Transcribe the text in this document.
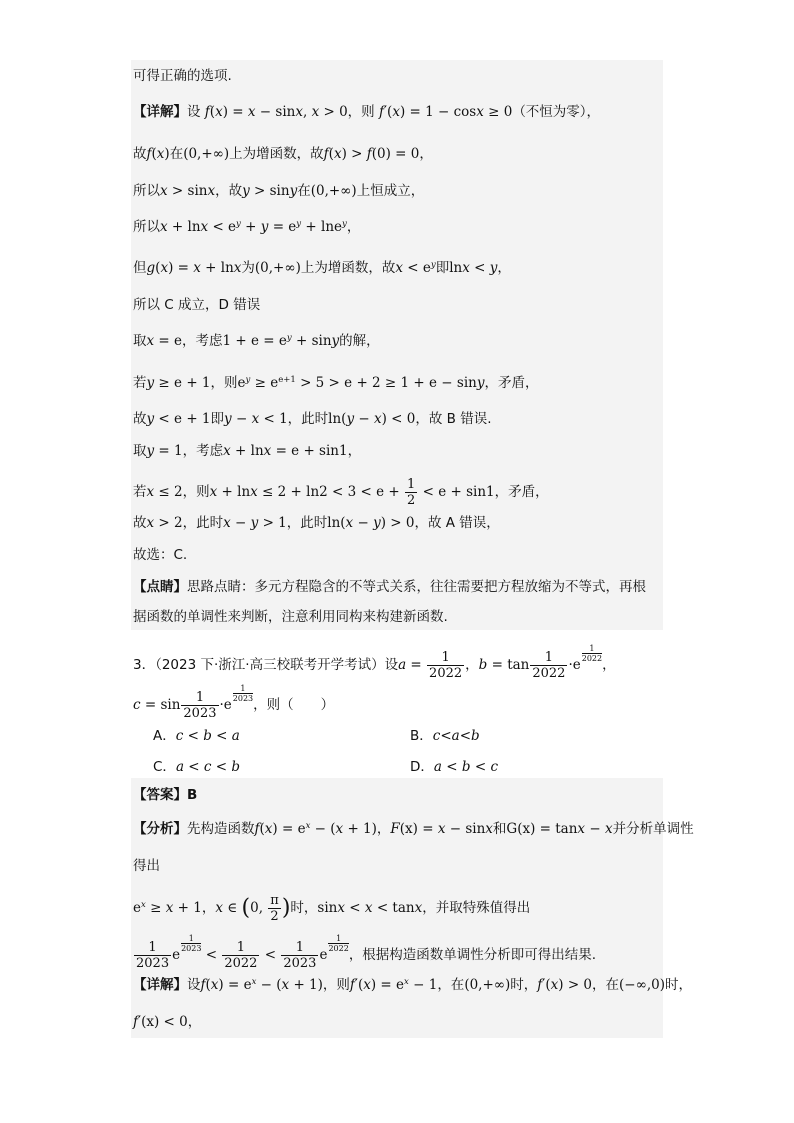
可得正确的选项.
【详解】设 f(x) = x − sinx, x > 0，则 f′(x) = 1 − cosx ≥ 0（不恒为零），
故f(x)在(0,+∞)上为增函数，故f(x) > f(0) = 0，
所以x > sinx，故y > siny在(0,+∞)上恒成立，
所以$x + \ln x < e^y + y = e^y + \ln e^y$，
但g(x) = x + lnx为(0,+∞)上为增函数，故$x < e^y$即lnx < y，
所以 C 成立，D 错误
取x = e，考虑$1 + e = e^y + \sin y$的解，
若y ≥ e + 1，则$e^y \ge e^{e+1} > 5 > e + 2 \ge 1 + e - \sin y$，矛盾，
故y < e + 1即y − x < 1，此时ln(y − x) < 0，故 B 错误.
取y = 1，考虑x + lnx = e + sin1，
若x ≤ 2，则$x + \ln x \le 2 + \ln 2 < 3 < e + \frac{1}{2} < e + \sin 1$，矛盾，
故x > 2，此时x − y > 1，此时ln(x − y) > 0，故 A 错误，
故选：C.
【点睛】思路点睛：多元方程隐含的不等式关系，往往需要把方程放缩为不等式，再根
据函数的单调性来判断，注意利用同构来构建新函数.
3．（2023 下·浙江·高三校联考开学考试）设$a = \frac{1}{2022}$ ，$b = \tan \frac{1}{2022} \cdot e$
$\frac{1}{2022}$
，
$c = \sin \frac{1}{2023} \cdot e$
$\frac{1}{2023}$
，则（　　）
A．c < b < a	B．c<a<b
C．a < c < b	D．a < b < c
【答案】B
【分析】先构造函数$f(x) = e^x - (x + 1)$，F(x) = x − sinx和G(x) = tanx − x并分析单调性
得出
$e^x \ge x + 1$，x ∈ (0, $\frac{\pi}{2}$ )时，sinx < x < tanx，并取特殊值得出
$\frac{1}{2023}$ e
$\frac{1}{2023}$
< $\frac{1}{2022} < \frac{1}{2023}$ e
$\frac{1}{2022}$
，根据构造函数单调性分析即可得出结果.
【详解】设$f(x) = e^x - (x + 1)$，则$f'(x) = e^x - 1$，在(0,+∞)时，f′(x) > 0，在(−∞,0)时，
f′(x) < 0，
